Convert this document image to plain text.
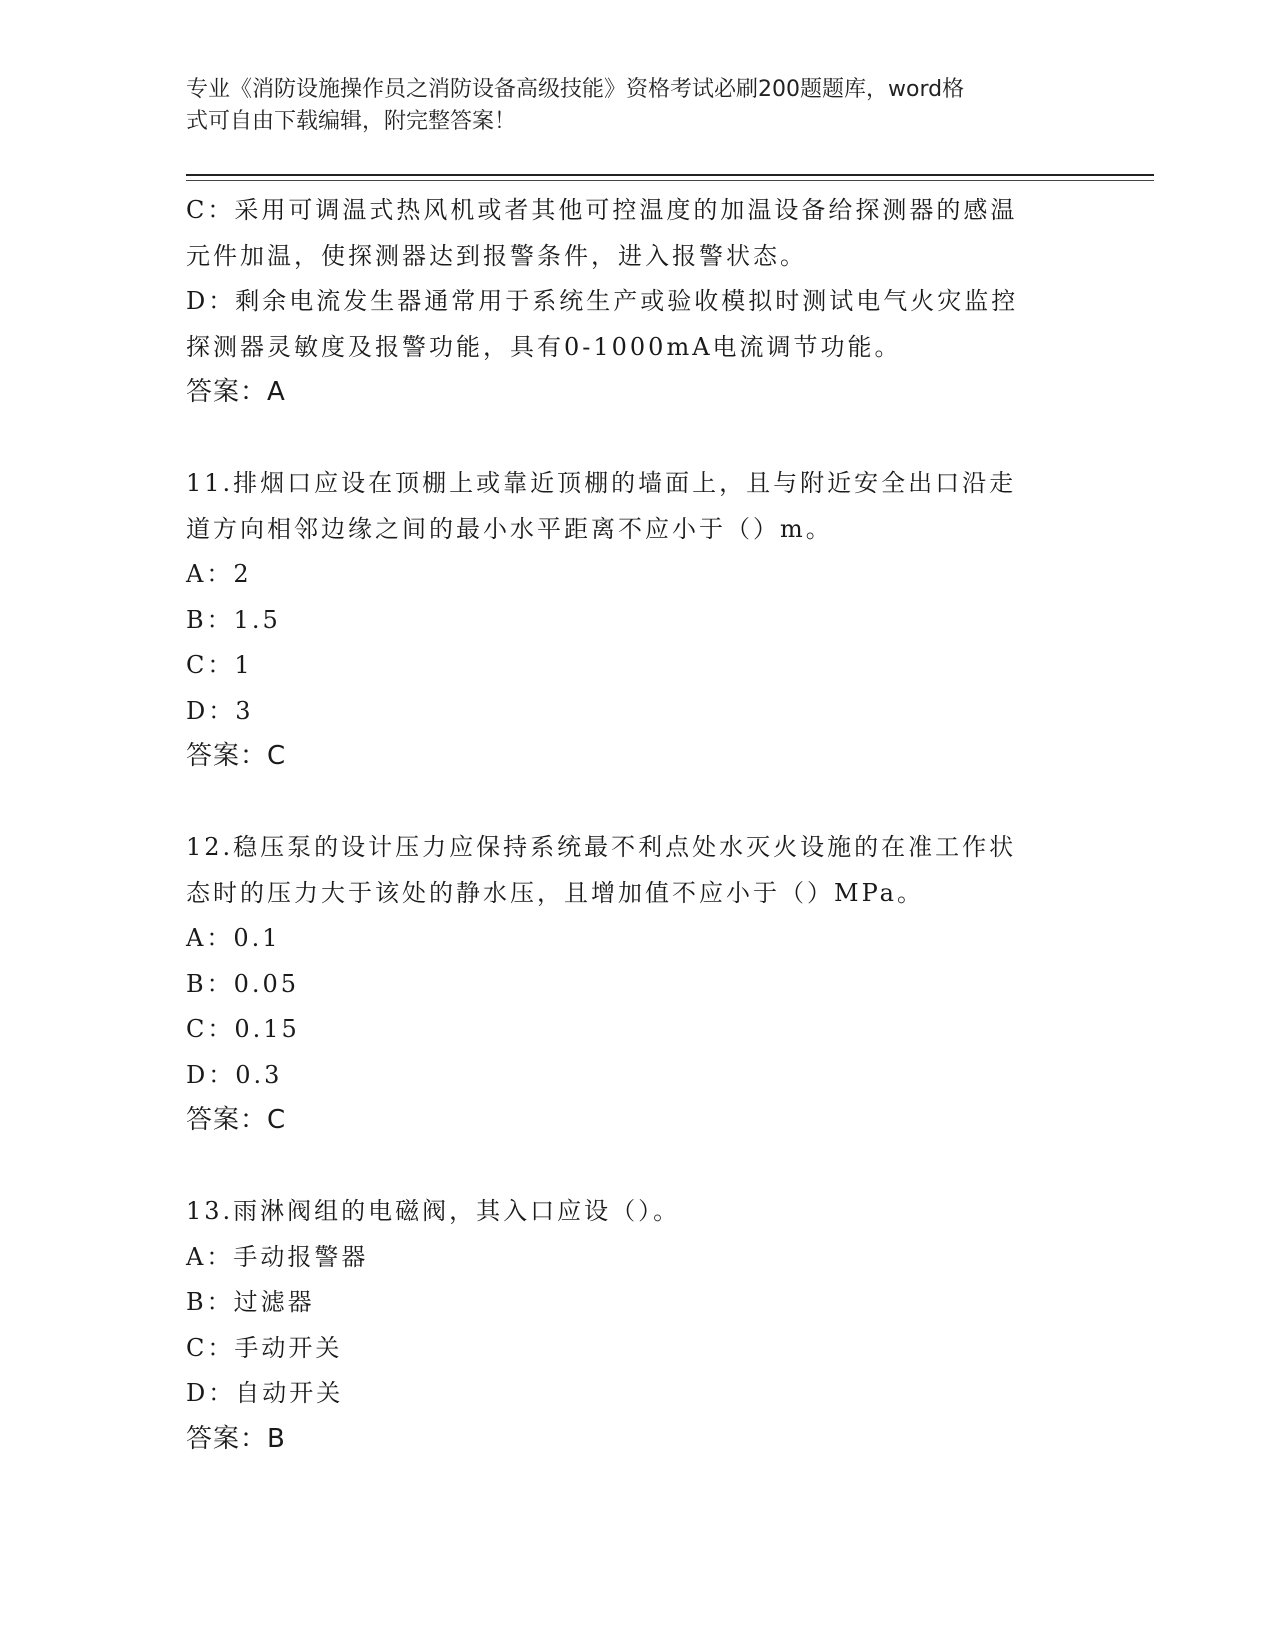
专业《消防设施操作员之消防设备高级技能》资格考试必刷200题题库，word格
式可自由下载编辑，附完整答案！
C：采用可调温式热风机或者其他可控温度的加温设备给探测器的感温
元件加温，使探测器达到报警条件，进入报警状态。
D：剩余电流发生器通常用于系统生产或验收模拟时测试电气火灾监控
探测器灵敏度及报警功能，具有0-1000mA电流调节功能。
答案：A
11.排烟口应设在顶棚上或靠近顶棚的墙面上，且与附近安全出口沿走
道方向相邻边缘之间的最小水平距离不应小于（）m。
A：2
B：1.5
C：1
D：3
答案：C
12.稳压泵的设计压力应保持系统最不利点处水灭火设施的在准工作状
态时的压力大于该处的静水压，且增加值不应小于（）MPa。
A：0.1
B：0.05
C：0.15
D：0.3
答案：C
13.雨淋阀组的电磁阀，其入口应设（）。
A：手动报警器
B：过滤器
C：手动开关
D：自动开关
答案：B
